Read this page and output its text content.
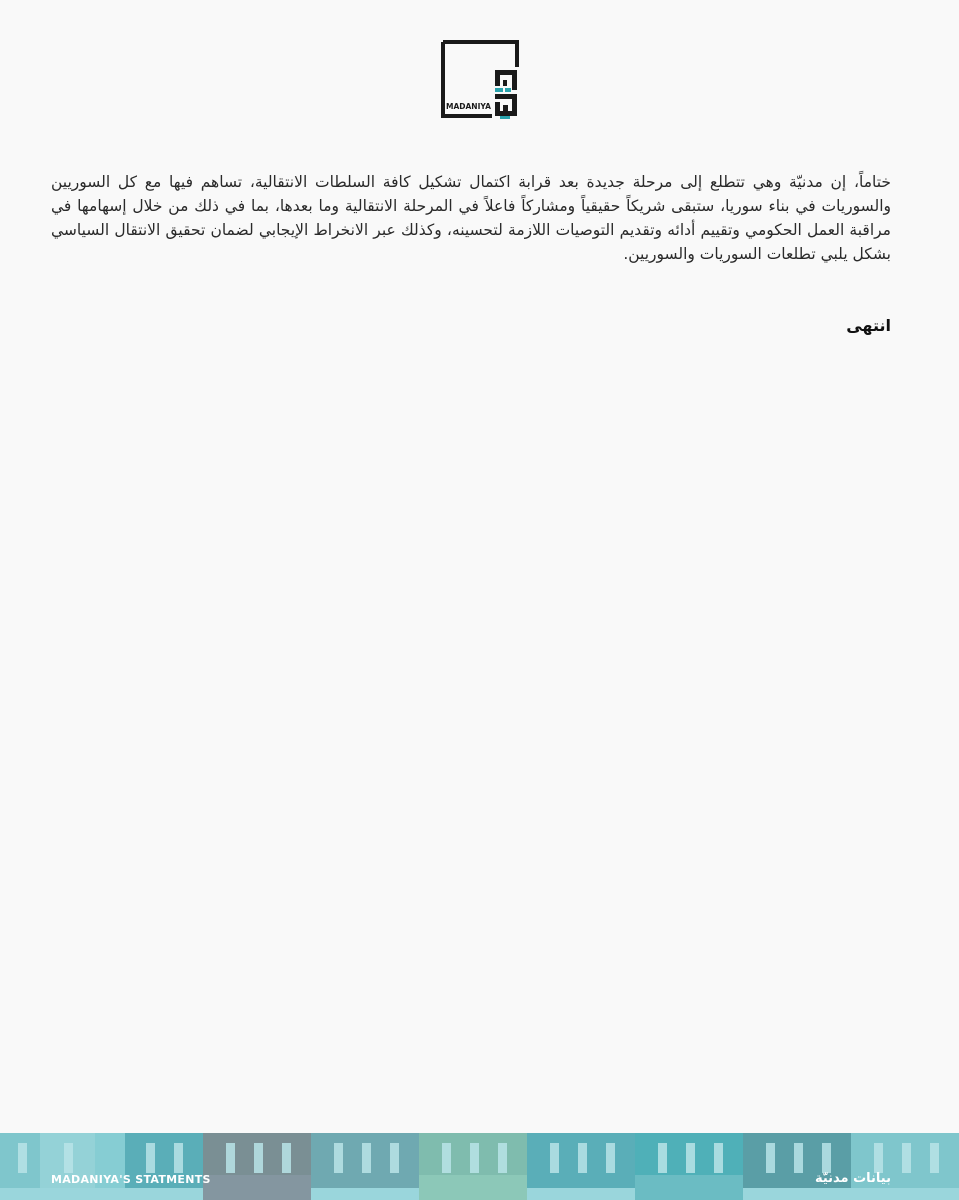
MADANIYA

ختاماً، إن مدنيّة وهي تتطلع إلى مرحلة جديدة بعد قرابة اكتمال تشكيل كافة السلطات الانتقالية، تساهم فيها مع كل السوريين والسوريات في بناء سوريا، ستبقى شريكاً حقيقياً ومشاركاً فاعلاً في المرحلة الانتقالية وما بعدها، بما في ذلك من خلال إسهامها في مراقبة العمل الحكومي وتقييم أدائه وتقديم التوصيات اللازمة لتحسينه، وكذلك عبر الانخراط الإيجابي لضمان تحقيق الانتقال السياسي بشكل يلبي تطلعات السوريات والسوريين.

انتهى

MADANIYA'S STATMENTS	بيانات مدنيّة
